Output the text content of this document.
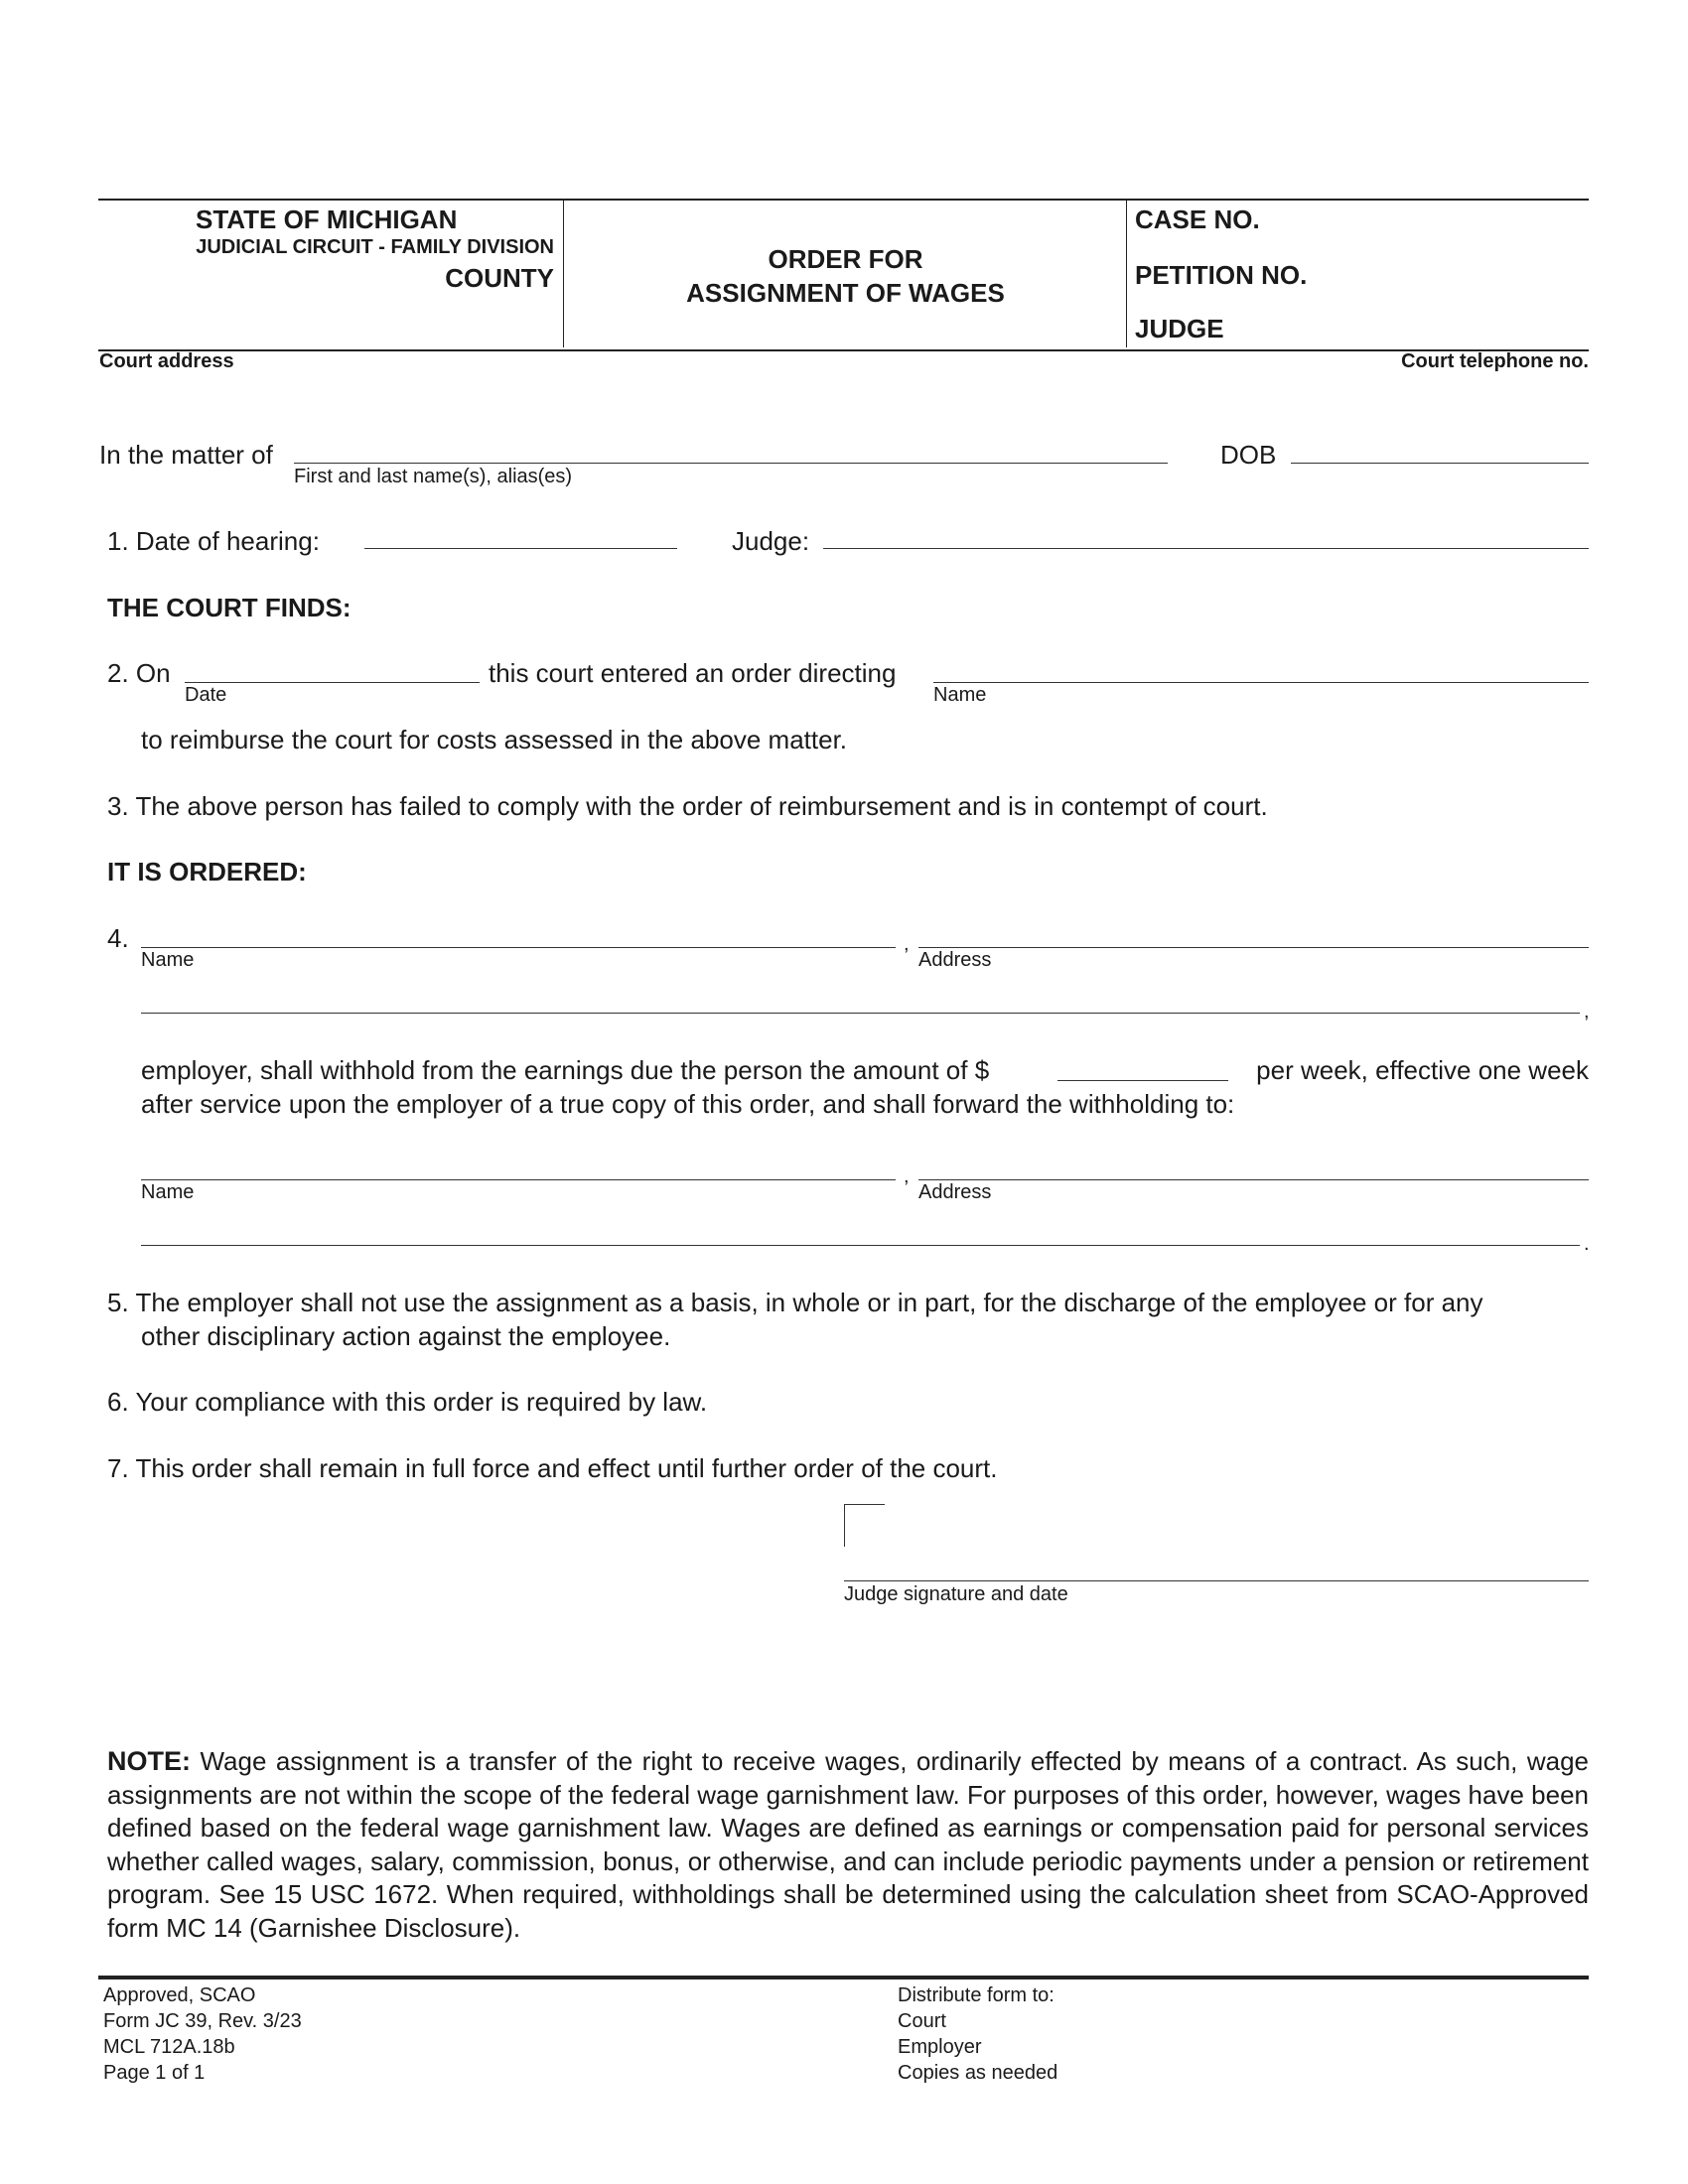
STATE OF MICHIGAN
JUDICIAL CIRCUIT - FAMILY DIVISION
COUNTY
ORDER FOR
ASSIGNMENT OF WAGES
CASE NO.
PETITION NO.
JUDGE
Court address	Court telephone no.
In the matter of
First and last name(s), alias(es)
DOB
1. Date of hearing:	Judge:
THE COURT FINDS:
2. On
Date
this court entered an order directing
Name
to reimburse the court for costs assessed in the above matter.
3. The above person has failed to comply with the order of reimbursement and is in contempt of court.
IT IS ORDERED:
4.
Name
,
Address
,
employer, shall withhold from the earnings due the person the amount of $	per week, effective one week
after service upon the employer of a true copy of this order, and shall forward the withholding to:
Name
,
Address
.
5. The employer shall not use the assignment as a basis, in whole or in part, for the discharge of the employee or for any
other disciplinary action against the employee.
6. Your compliance with this order is required by law.
7. This order shall remain in full force and effect until further order of the court.
Judge signature and date
NOTE: Wage assignment is a transfer of the right to receive wages, ordinarily effected by means of a contract. As such, wage assignments are not within the scope of the federal wage garnishment law. For purposes of this order, however, wages have been defined based on the federal wage garnishment law. Wages are defined as earnings or compensation paid for personal services whether called wages, salary, commission, bonus, or otherwise, and can include periodic payments under a pension or retirement program. See 15 USC 1672. When required, withholdings shall be determined using the calculation sheet from SCAO-Approved form MC 14 (Garnishee Disclosure).
Approved, SCAO
Form JC 39, Rev. 3/23
MCL 712A.18b
Page 1 of 1
Distribute form to:
Court
Employer
Copies as needed
